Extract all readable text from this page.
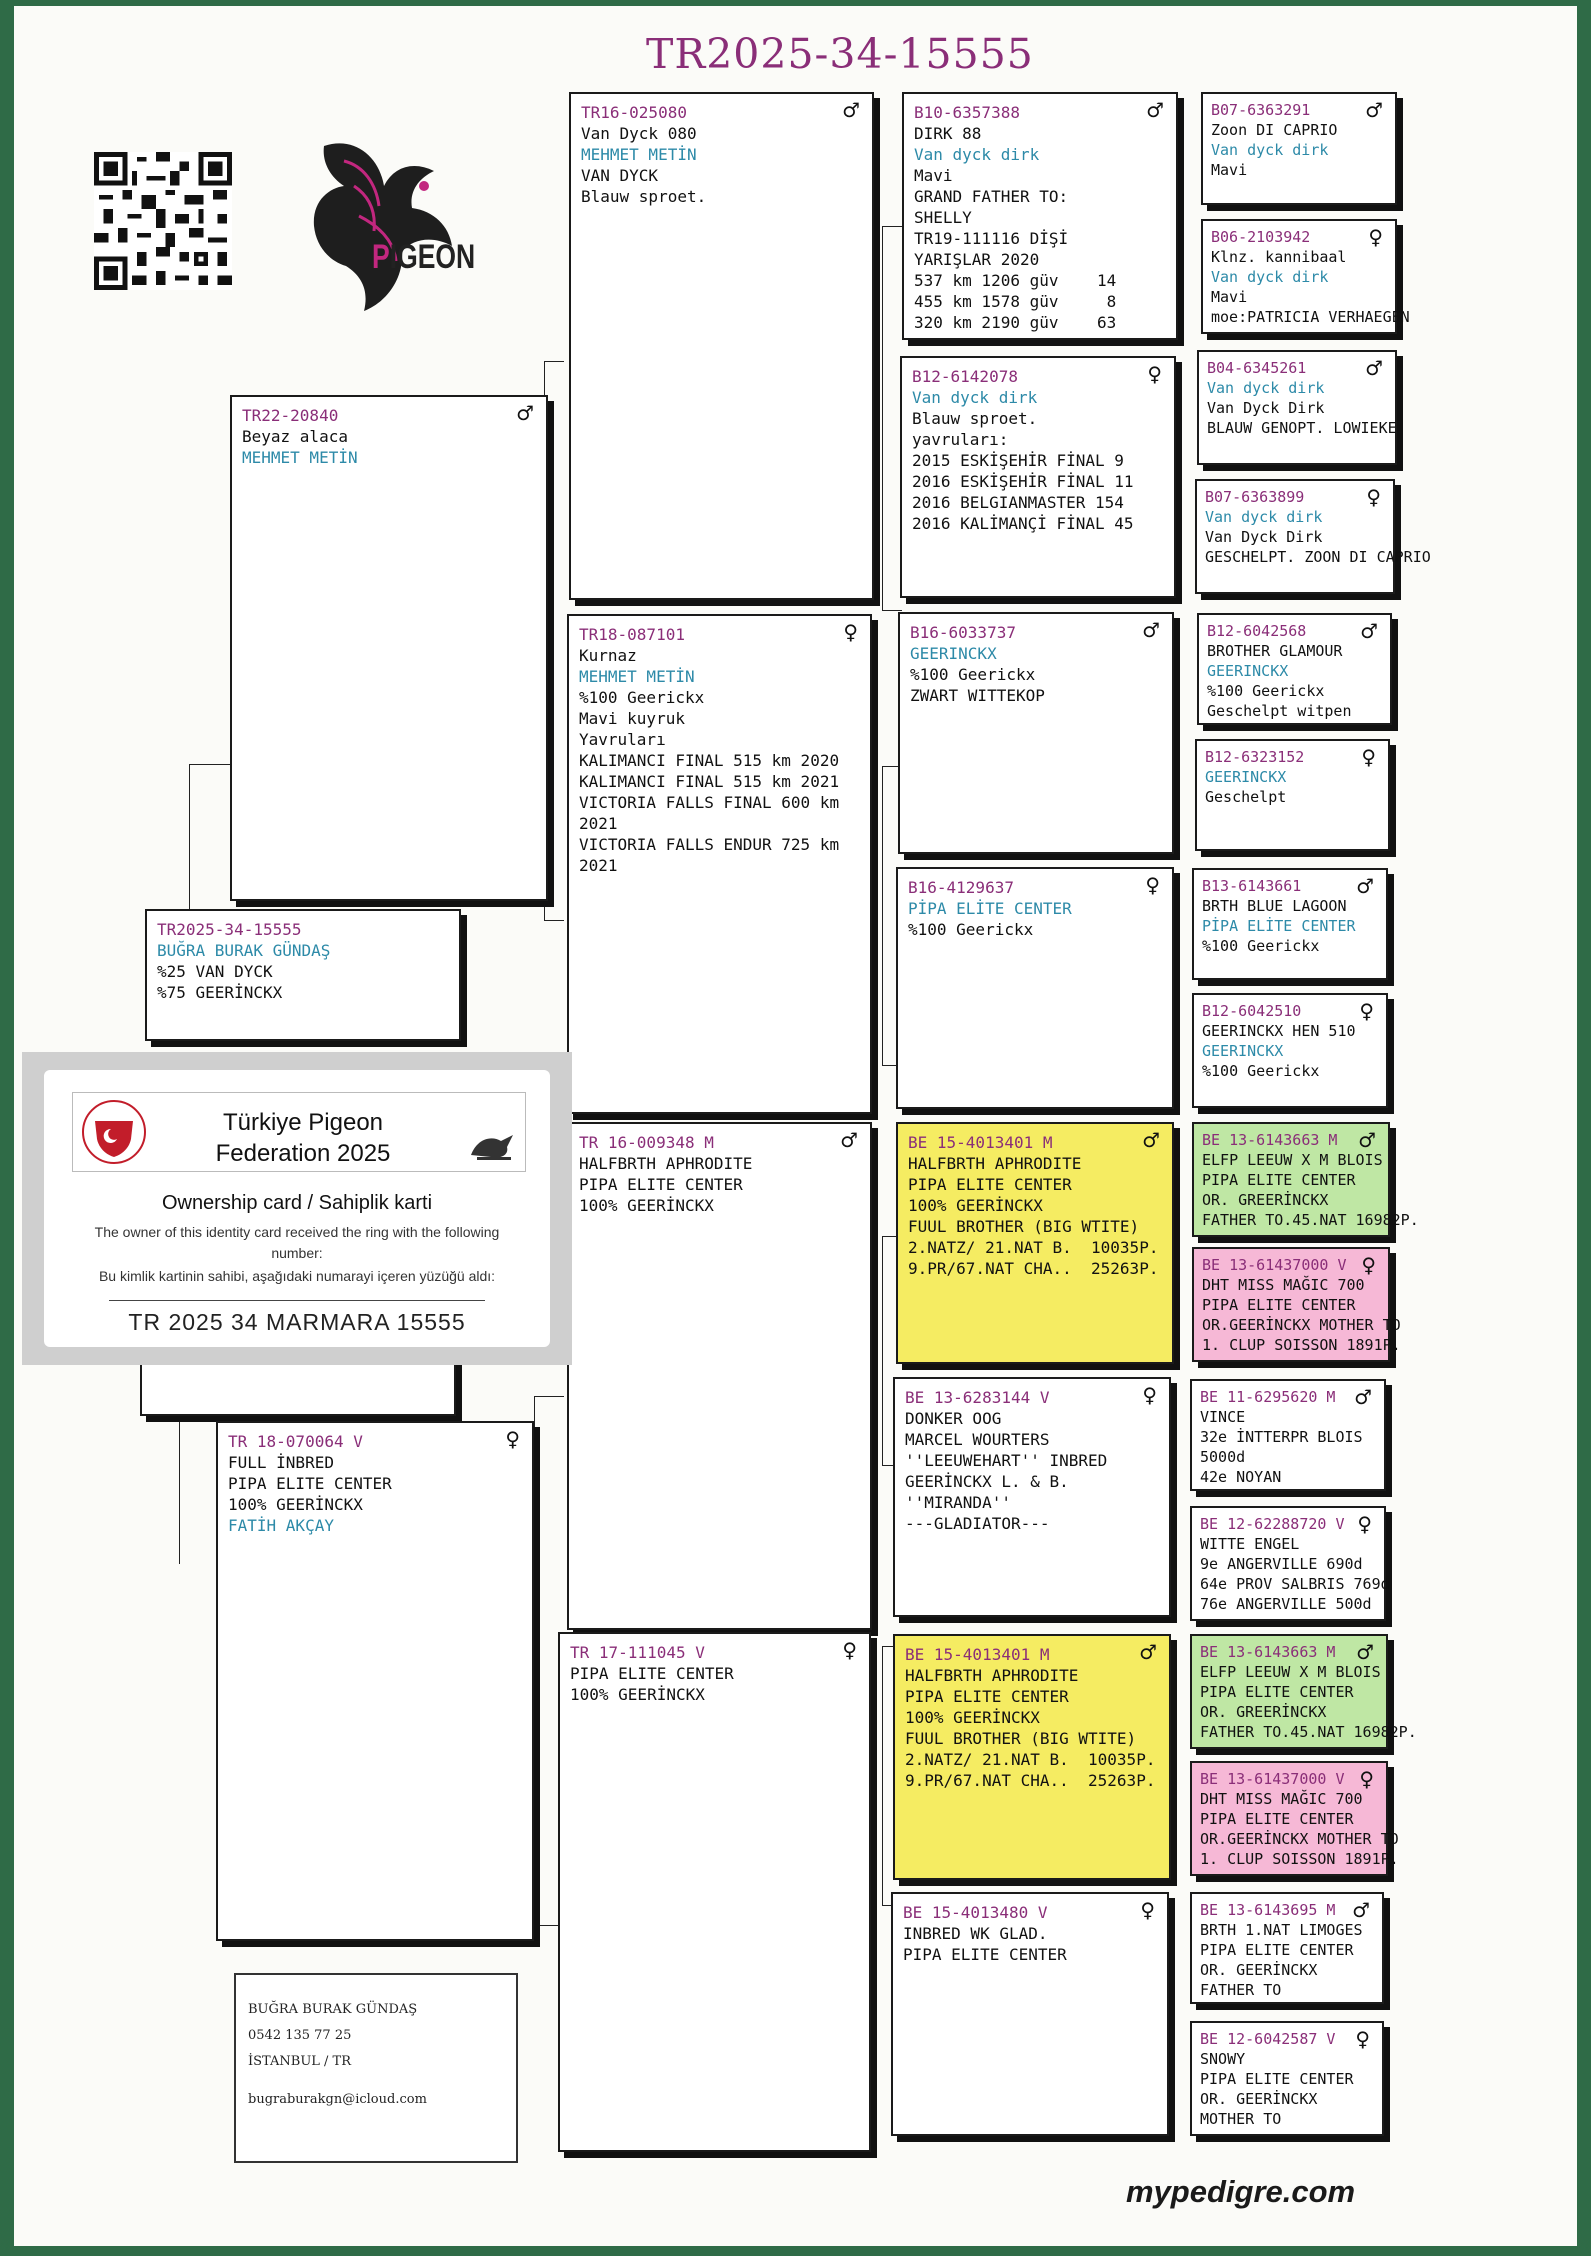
TR2025-34-15555
PIGEON
TR2025-34-15555
BUĞRA BURAK GÜNDAŞ
%25 VAN DYCK
%75 GEERİNCKX
TR22-20840	♂
Beyaz alaca
MEHMET METİN
TR 18-070064 V	♀
FULL İNBRED
PIPA ELITE CENTER
100% GEERİNCKX
FATİH AKÇAY
TR16-025080	♂
Van Dyck 080
MEHMET METİN
VAN DYCK
Blauw sproet.
TR18-087101	♀
Kurnaz
MEHMET METİN
%100 Geerickx
Mavi kuyruk
Yavruları
KALIMANCI FINAL 515 km 2020
KALIMANCI FINAL 515 km 2021
VICTORIA FALLS FINAL 600 km
2021
VICTORIA FALLS ENDUR 725 km
2021
TR 16-009348 M	♂
HALFBRTH APHRODITE
PIPA ELITE CENTER
100% GEERİNCKX
TR 17-111045 V	♀
PIPA ELITE CENTER
100% GEERİNCKX
B10-6357388	♂
DIRK 88
Van dyck dirk
Mavi
GRAND FATHER TO:
SHELLY
TR19-111116 DİŞİ
YARIŞLAR 2020
537 km 1206 güv    14
455 km 1578 güv     8
320 km 2190 güv    63
B12-6142078	♀
Van dyck dirk
Blauw sproet.
yavruları:
2015 ESKİŞEHİR FİNAL 9
2016 ESKİŞEHİR FİNAL 11
2016 BELGIANMASTER 154
2016 KALİMANÇİ FİNAL 45
B16-6033737	♂
GEERINCKX
%100 Geerickx
ZWART WITTEKOP
B16-4129637	♀
PİPA ELİTE CENTER
%100 Geerickx
BE 15-4013401 M	♂
HALFBRTH APHRODITE
PIPA ELITE CENTER
100% GEERİNCKX
FUUL BROTHER (BIG WTITE)
2.NATZ/ 21.NAT B.  10035P.
9.PR/67.NAT CHA..  25263P.
BE 13-6283144 V	♀
DONKER OOG
MARCEL WOURTERS
''LEEUWEHART'' INBRED
GEERİNCKX L. & B.
''MIRANDA''
---GLADIATOR---
BE 15-4013401 M	♂
HALFBRTH APHRODITE
PIPA ELITE CENTER
100% GEERİNCKX
FUUL BROTHER (BIG WTITE)
2.NATZ/ 21.NAT B.  10035P.
9.PR/67.NAT CHA..  25263P.
BE 15-4013480 V	♀
INBRED WK GLAD.
PIPA ELITE CENTER
B07-6363291	♂
Zoon DI CAPRIO
Van dyck dirk
Mavi
B06-2103942	♀
Klnz. kannibaal
Van dyck dirk
Mavi
moe:PATRICIA VERHAEGEN
B04-6345261	♂
Van dyck dirk
Van Dyck Dirk
BLAUW GENOPT. LOWIEKE
B07-6363899	♀
Van dyck dirk
Van Dyck Dirk
GESCHELPT. ZOON DI CAPRIO
B12-6042568	♂
BROTHER GLAMOUR
GEERINCKX
%100 Geerickx
Geschelpt witpen
B12-6323152	♀
GEERINCKX
Geschelpt
B13-6143661	♂
BRTH BLUE LAGOON
PİPA ELİTE CENTER
%100 Geerickx
B12-6042510	♀
GEERINCKX HEN 510
GEERINCKX
%100 Geerickx
BE 13-6143663 M	♂
ELFP LEEUW X M BLOIS
PIPA ELITE CENTER
OR. GREERİNCKX
FATHER TO.45.NAT 16982P.
BE 13-61437000 V ♀
DHT MISS MAĞIC 700
PIPA ELITE CENTER
OR.GEERİNCKX MOTHER TO
1. CLUP SOISSON 1891P.
BE 11-6295620 M ♂
VINCE
32e İNTTERPR BLOIS
5000d
42e NOYAN
BE 12-62288720 V ♀
WITTE ENGEL
9e ANGERVILLE 690d
64e PROV SALBRIS 769d
76e ANGERVILLE 500d
BE 13-6143663 M	♂
ELFP LEEUW X M BLOIS
PIPA ELITE CENTER
OR. GREERİNCKX
FATHER TO.45.NAT 16982P.
BE 13-61437000 V ♀
DHT MISS MAĞIC 700
PIPA ELITE CENTER
OR.GEERİNCKX MOTHER TO
1. CLUP SOISSON 1891P.
BE 13-6143695 M ♂
BRTH 1.NAT LIMOGES
PIPA ELITE CENTER
OR. GEERİNCKX
FATHER TO
BE 12-6042587 V ♀
SNOWY
PIPA ELITE CENTER
OR. GEERİNCKX
MOTHER TO
Türkiye Pigeon Federation 2025
Ownership card / Sahiplik karti
The owner of this identity card received the ring with the following number:
Bu kimlik kartinin sahibi, aşağıdaki numarayi içeren yüzüğü aldı:
TR 2025 34 MARMARA 15555
BUĞRA BURAK GÜNDAŞ
0542 135 77 25
İSTANBUL / TR
bugraburakgn@icloud.com
mypedigre.com
